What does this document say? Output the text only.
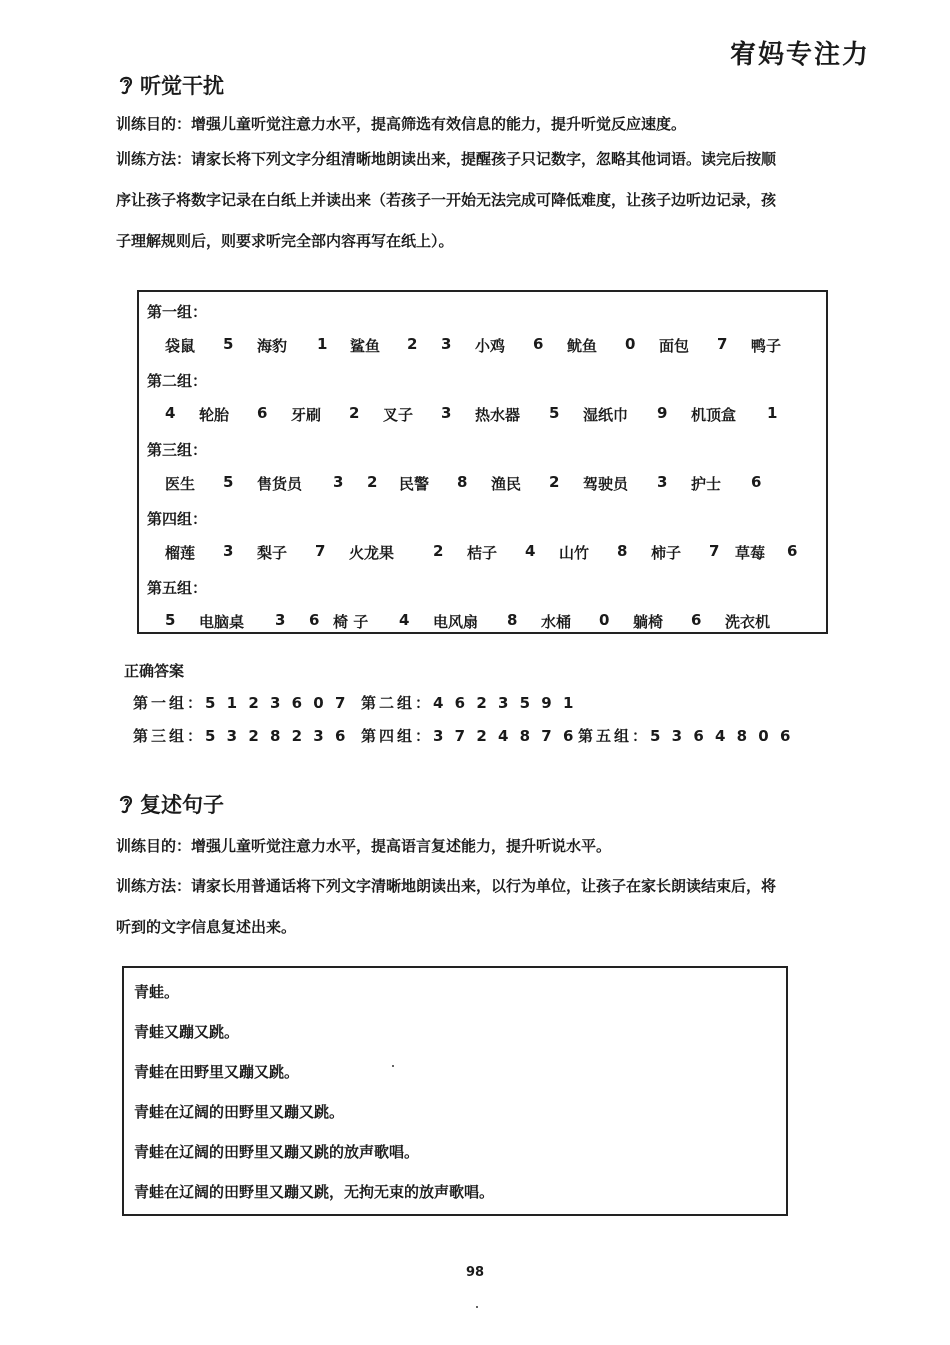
宥妈专注力
听觉干扰
训练目的：增强儿童听觉注意力水平，提高筛选有效信息的能力，提升听觉反应速度。
训练方法：请家长将下列文字分组清晰地朗读出来，提醒孩子只记数字，忽略其他词语。读完后按顺
序让孩子将数字记录在白纸上并读出来（若孩子一开始无法完成可降低难度，让孩子边听边记录，孩
子理解规则后，则要求听完全部内容再写在纸上）。
第一组：
袋鼠 5 海豹 1 鲨鱼 2 3 小鸡 6 鱿鱼 0 面包 7 鸭子
第二组：
4 轮胎 6 牙刷 2 叉子 3 热水器 5 湿纸巾 9 机顶盒 1
第三组：
医生 5 售货员 3 2 民警 8 渔民 2 驾驶员 3 护士 6
第四组：
榴莲 3 梨子 7 火龙果	2 桔子 4 山竹 8 柿子 7 草莓 6
第五组：
5 电脑桌 3 6 椅 子 4 电风扇 8 水桶 0 躺椅 6 洗衣机
正确答案
第一组：5 1 2 3 6 0 7 第二组：4 6 2 3 5 9 1
第三组：5 3 2 8 2 3 6 第四组：3 7 2 4 8 7 6 第五组：5 3 6 4 8 0 6
复述句子
训练目的：增强儿童听觉注意力水平，提高语言复述能力，提升听说水平。
训练方法：请家长用普通话将下列文字清晰地朗读出来，以行为单位，让孩子在家长朗读结束后，将
听到的文字信息复述出来。
青蛙。
青蛙又蹦又跳。
青蛙在田野里又蹦又跳。
青蛙在辽阔的田野里又蹦又跳。
青蛙在辽阔的田野里又蹦又跳的放声歌唱。
青蛙在辽阔的田野里又蹦又跳，无拘无束的放声歌唱。
98
